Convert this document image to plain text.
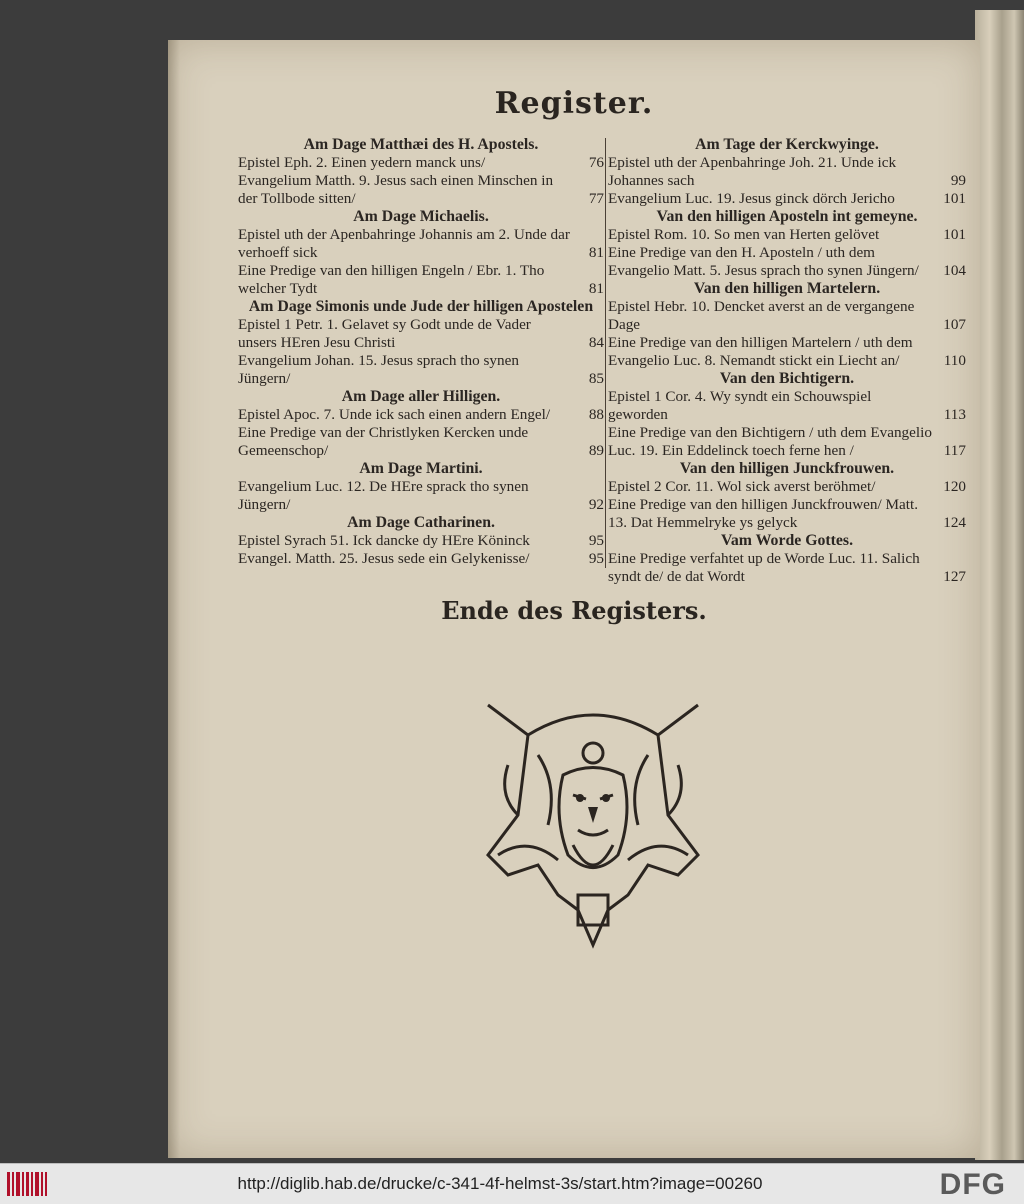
Register.
Am Dage Matthæi des H. Apostels.
Epistel Eph. 2. Einen yedern manck uns/	76
Evangelium Matth. 9. Jesus sach einen Minschen in der Tollbode sitten/	77
Am Dage Michaelis.
Epistel uth der Apenbahringe Johannis am 2. Unde dar verhoeff sick	81
Eine Predige van den hilligen Engeln / Ebr. 1. Tho welcher Tydt	81
Am Dage Simonis unde Jude der hilligen Apostelen
Epistel 1 Petr. 1. Gelavet sy Godt unde de Vader unsers HEren Jesu Christi	84
Evangelium Johan. 15. Jesus sprach tho synen Jüngern/	85
Am Dage aller Hilligen.
Epistel Apoc. 7. Unde ick sach einen andern Engel/	88
Eine Predige van der Christlyken Kercken unde Gemeenschop/	89
Am Dage Martini.
Evangelium Luc. 12. De HEre sprack tho synen Jüngern/	92
Am Dage Catharinen.
Epistel Syrach 51. Ick dancke dy HEre Köninck	95
Evangel. Matth. 25. Jesus sede ein Gelykenisse/	95
Am Tage der Kerckwyinge.
Epistel uth der Apenbahringe Joh. 21. Unde ick Johannes sach	99
Evangelium Luc. 19. Jesus ginck dörch Jericho	101
Van den hilligen Aposteln int gemeyne.
Epistel Rom. 10. So men van Herten gelövet	101
Eine Predige van den H. Aposteln / uth dem Evangelio Matt. 5. Jesus sprach tho synen Jüngern/	104
Van den hilligen Martelern.
Epistel Hebr. 10. Dencket averst an de vergangene Dage	107
Eine Predige van den hilligen Martelern / uth dem Evangelio Luc. 8. Nemandt stickt ein Liecht an/	110
Van den Bichtigern.
Epistel 1 Cor. 4. Wy syndt ein Schouwspiel geworden	113
Eine Predige van den Bichtigern / uth dem Evangelio Luc. 19. Ein Eddelinck toech ferne hen /	117
Van den hilligen Junckfrouwen.
Epistel 2 Cor. 11. Wol sick averst beröhmet/	120
Eine Predige van den hilligen Junckfrouwen/ Matt. 13. Dat Hemmelryke ys gelyck	124
Vam Worde Gottes.
Eine Predige verfahtet up de Worde Luc. 11. Salich syndt de/ de dat Wordt	127
Ende des Registers.
http://diglib.hab.de/drucke/c-341-4f-helmst-3s/start.htm?image=00260	DFG
